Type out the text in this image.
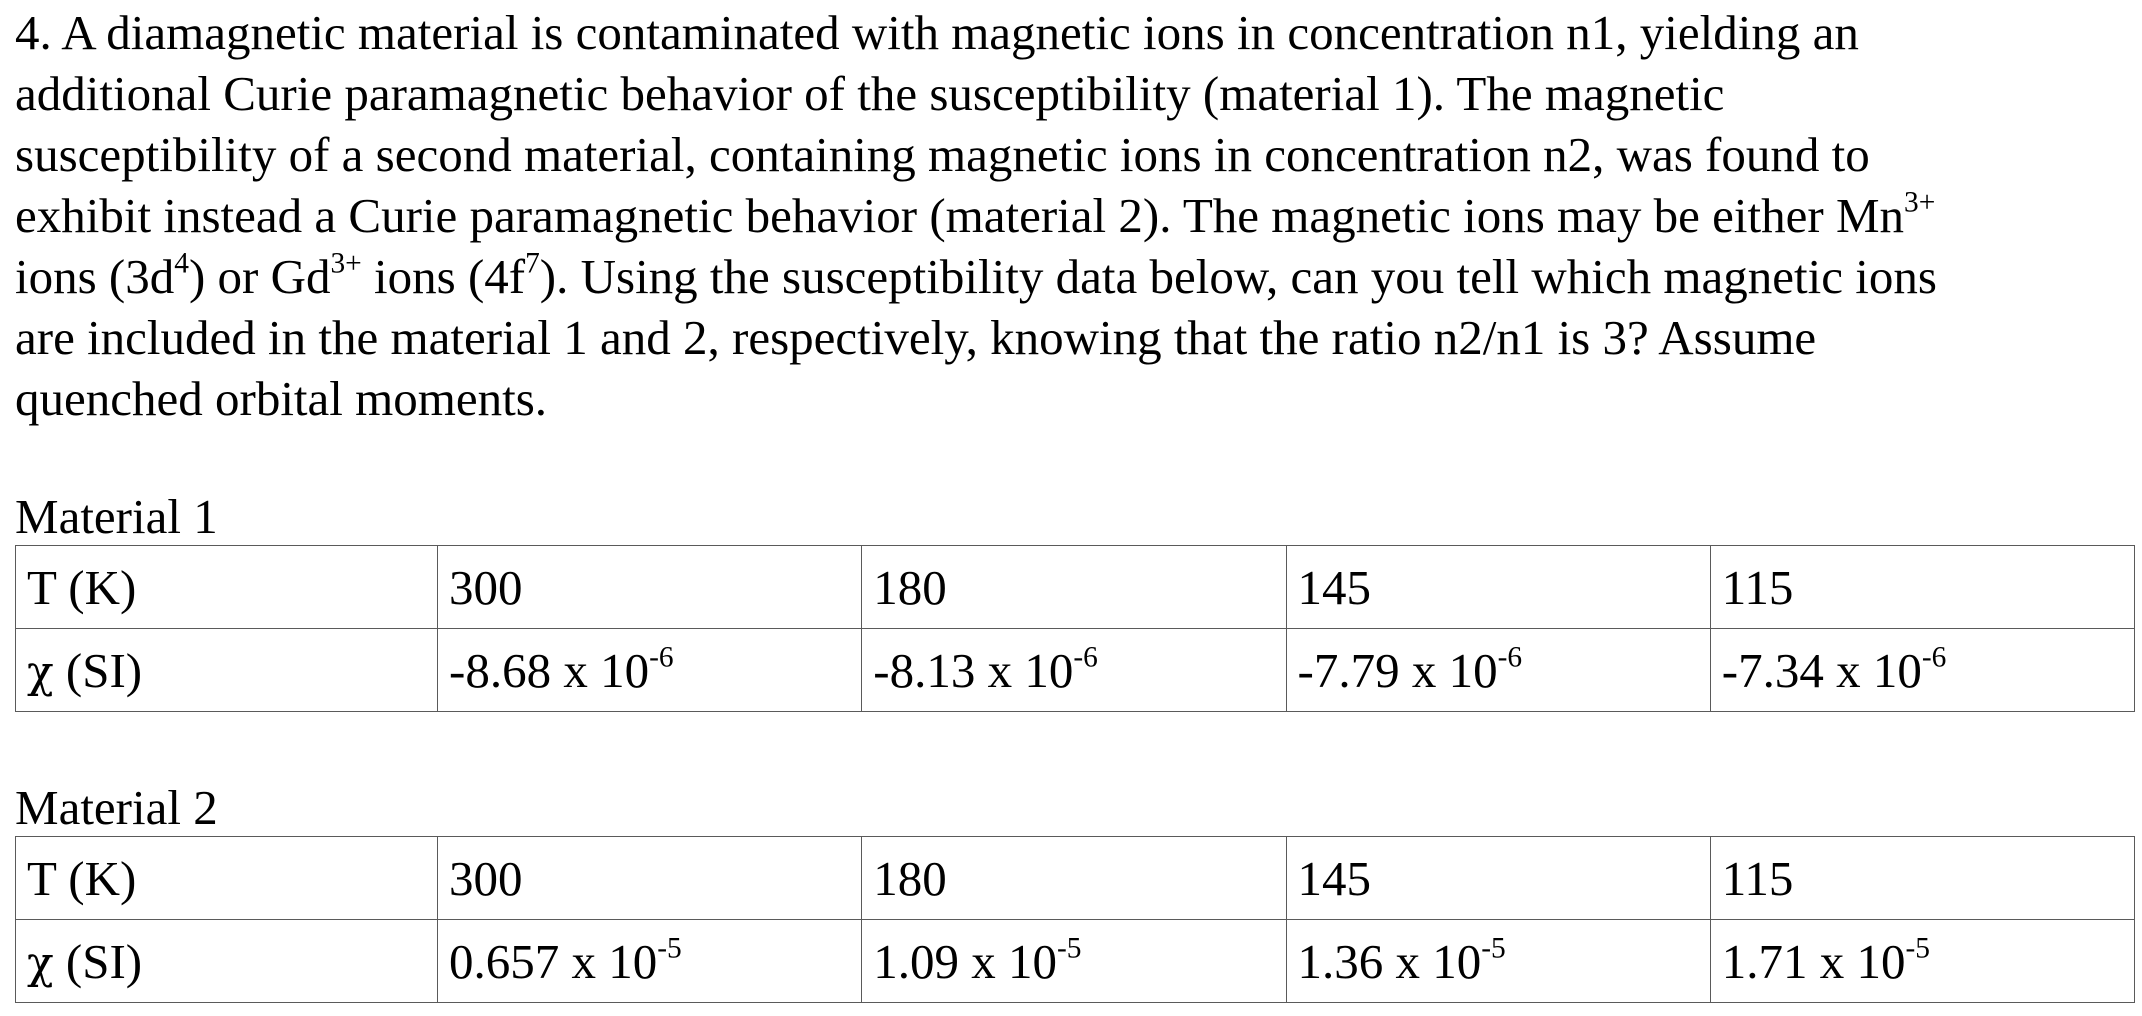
4. A diamagnetic material is contaminated with magnetic ions in concentration n1, yielding an
additional Curie paramagnetic behavior of the susceptibility (material 1). The magnetic
susceptibility of a second material, containing magnetic ions in concentration n2, was found to
exhibit instead a Curie paramagnetic behavior (material 2). The magnetic ions may be either $Mn^{3+}$
ions $(3d^4)$ or $Gd^{3+}$ ions $(4f^7)$. Using the susceptibility data below, can you tell which magnetic ions
are included in the material 1 and 2, respectively, knowing that the ratio n2/n1 is 3? Assume
quenched orbital moments.
Material 1
T (K)	300	180	145	115
χ (SI)	-8.68 x $10^{-6}$	-8.13 x $10^{-6}$	-7.79 x $10^{-6}$	-7.34 x $10^{-6}$
Material 2
T (K)	300	180	145	115
χ (SI)	0.657 x $10^{-5}$	1.09 x $10^{-5}$	1.36 x $10^{-5}$	1.71 x $10^{-5}$
